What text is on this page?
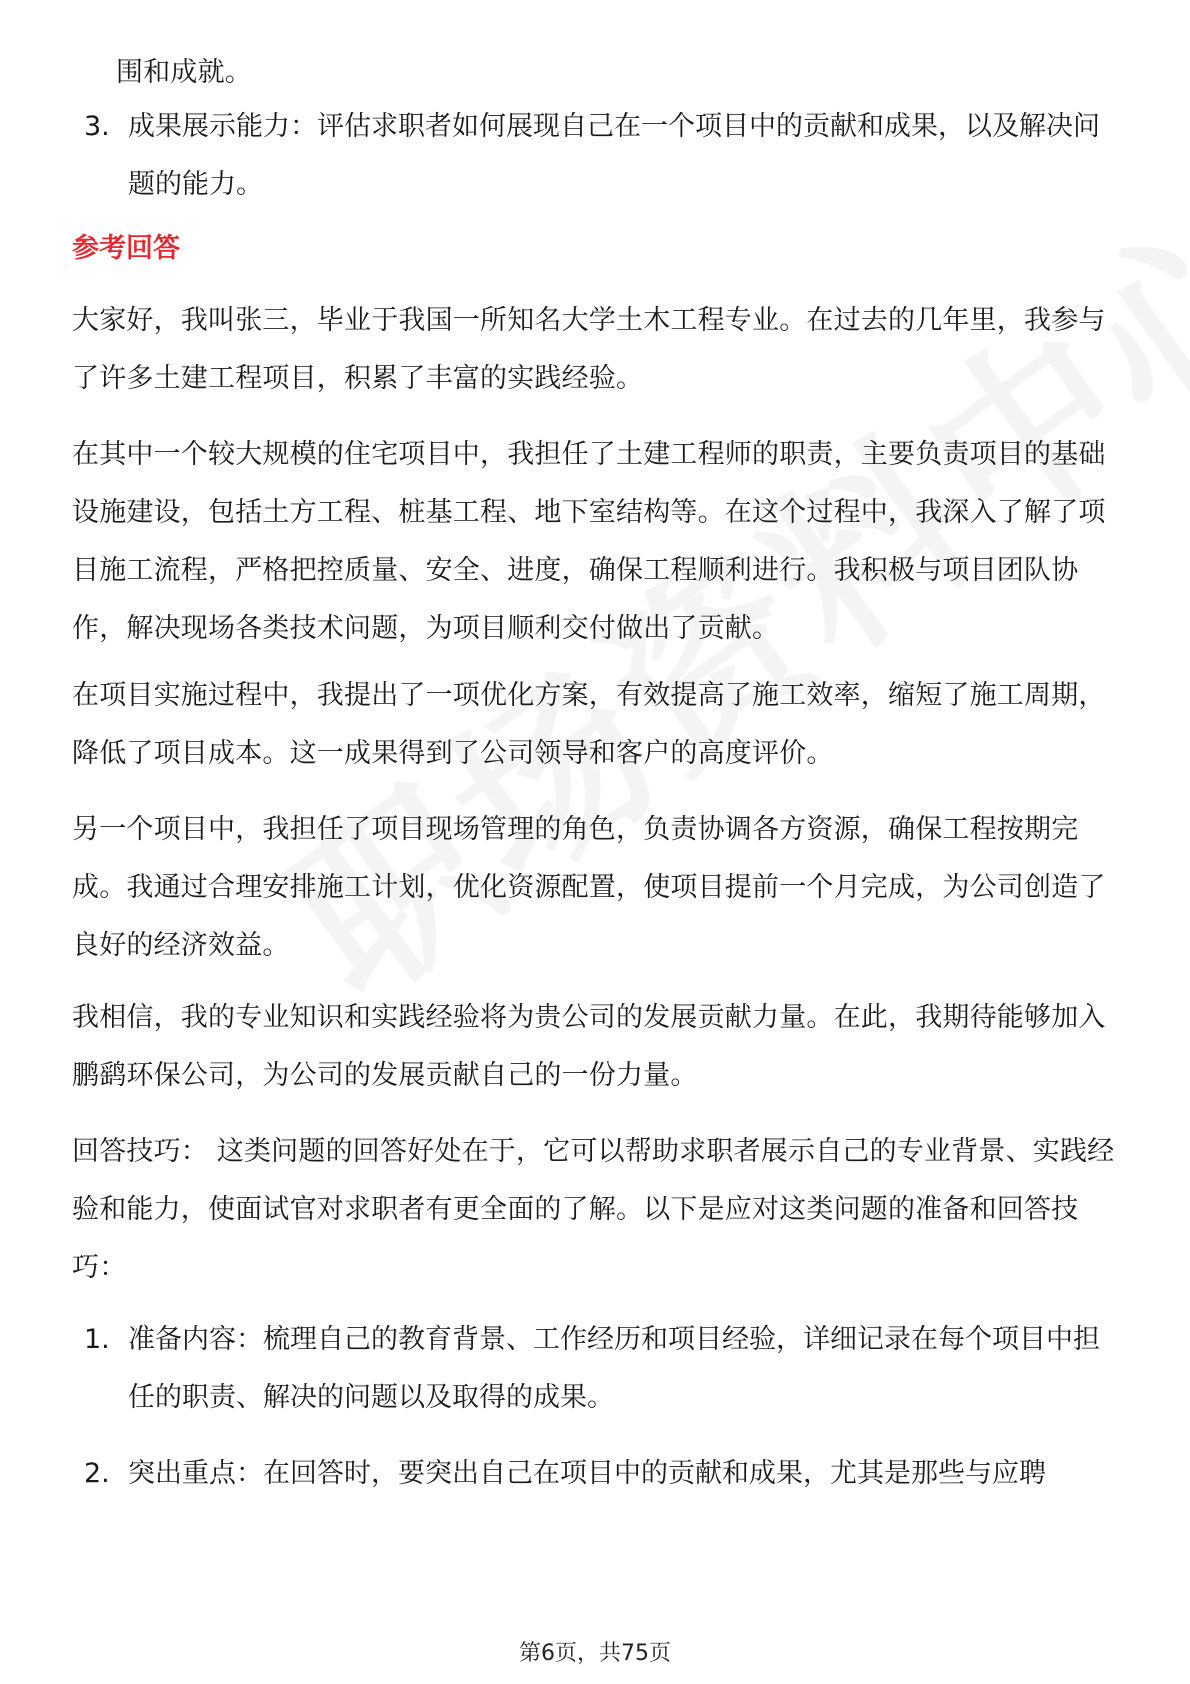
围和成就。
3. 成果展示能力：评估求职者如何展现自己在一个项目中的贡献和成果，以及解决问题的能力。
参考回答
大家好，我叫张三，毕业于我国一所知名大学土木工程专业。在过去的几年里，我参与了许多土建工程项目，积累了丰富的实践经验。
在其中一个较大规模的住宅项目中，我担任了土建工程师的职责，主要负责项目的基础设施建设，包括土方工程、桩基工程、地下室结构等。在这个过程中，我深入了解了项目施工流程，严格把控质量、安全、进度，确保工程顺利进行。我积极与项目团队协作，解决现场各类技术问题，为项目顺利交付做出了贡献。
在项目实施过程中，我提出了一项优化方案，有效提高了施工效率，缩短了施工周期，降低了项目成本。这一成果得到了公司领导和客户的高度评价。
另一个项目中，我担任了项目现场管理的角色，负责协调各方资源，确保工程按期完成。我通过合理安排施工计划，优化资源配置，使项目提前一个月完成，为公司创造了良好的经济效益。
我相信，我的专业知识和实践经验将为贵公司的发展贡献力量。在此，我期待能够加入鹏鹞环保公司，为公司的发展贡献自己的一份力量。
回答技巧： 这类问题的回答好处在于，它可以帮助求职者展示自己的专业背景、实践经验和能力，使面试官对求职者有更全面的了解。以下是应对这类问题的准备和回答技巧：
1. 准备内容：梳理自己的教育背景、工作经历和项目经验，详细记录在每个项目中担任的职责、解决的问题以及取得的成果。
2. 突出重点：在回答时，要突出自己在项目中的贡献和成果，尤其是那些与应聘
第6页，共75页
